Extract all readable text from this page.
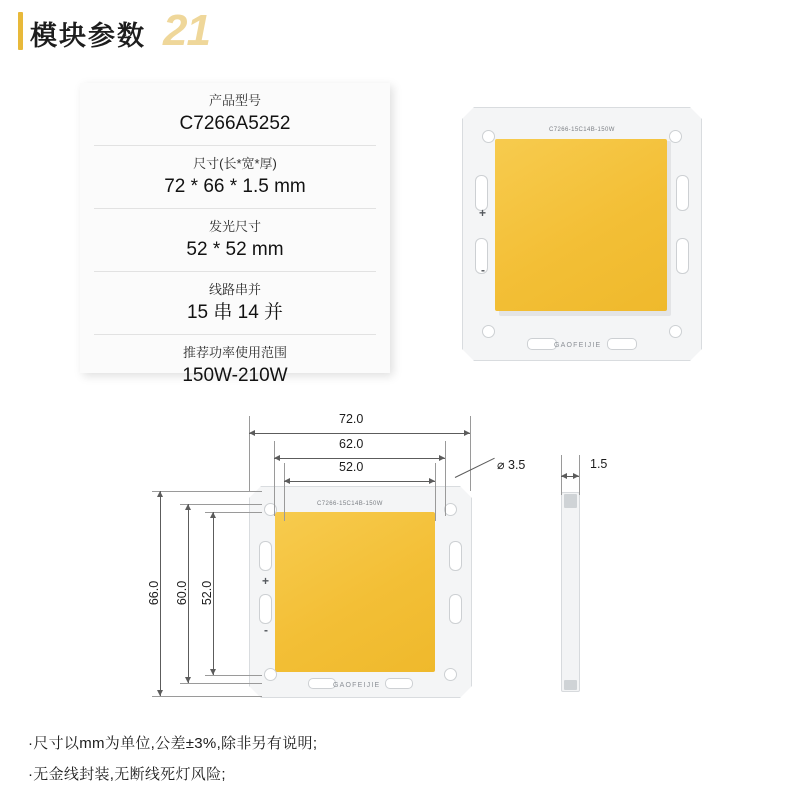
模块参数 21
产品型号
C7266A5252
尺寸(长*宽*厚)
72 * 66 * 1.5 mm
发光尺寸
52 * 52 mm
线路串并
15 串 14 并
推荐功率使用范围
150W-210W
C7266-15C14B-150W
+
-
GAOFEIJIE
C7266-15C14B-150W
+
-
GAOFEIJIE
72.0
62.0
52.0
66.0 60.0 52.0
⌀ 3.5	1.5
·尺寸以mm为单位,公差±3%,除非另有说明;
·无金线封装,无断线死灯风险;
